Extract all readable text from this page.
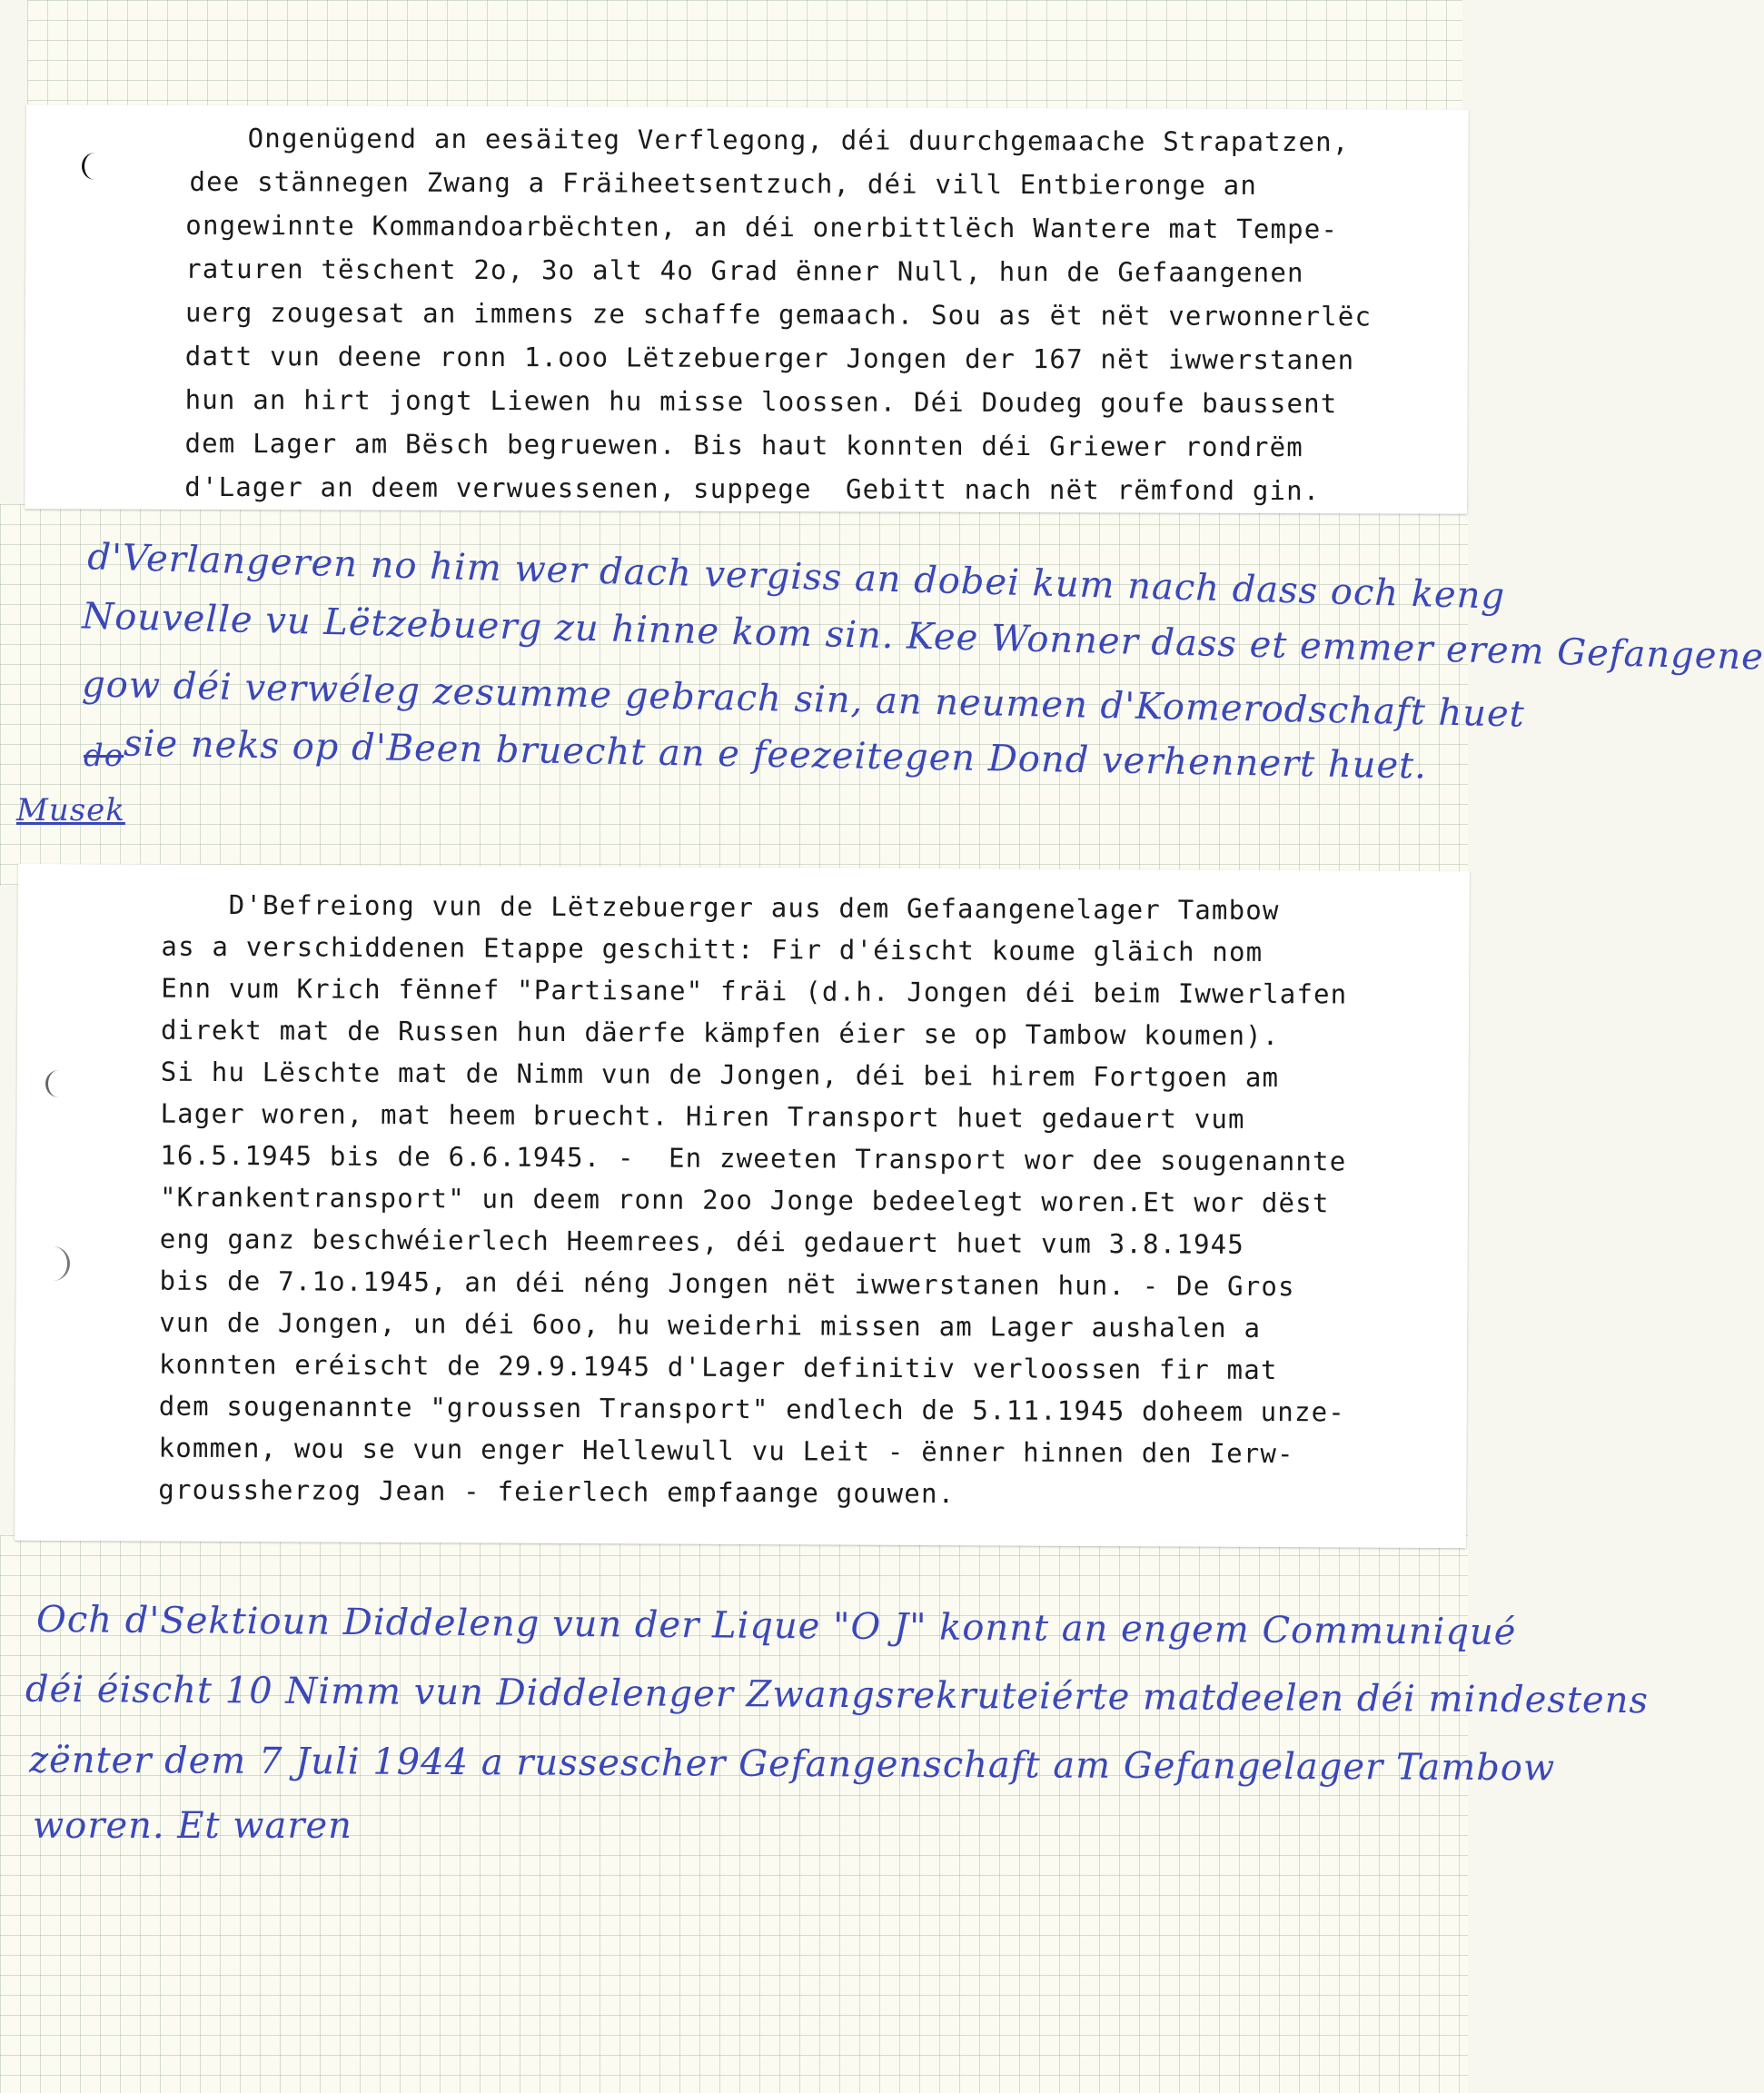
d'Verlangeren no him wer dach vergiss an dobei kum nach dass och keng

Nouvelle vu Lëtzebuerg zu hinne kom sin. Kee Wonner dass et emmer erem Gefangene

gow déi verwéleg zesumme gebrach sin, an neumen d'Komerodschaft huet

do sie neks op d'Been bruecht an e feezeitegen Dond verhennert huet.

Musek

Och d'Sektioun Diddeleng vun der Lique "O J" konnt an engem Communiqué

déi éischt 10 Nimm vun Diddelenger Zwangsrekruteiérte matdeelen déi mindestens

zënter dem 7 Juli 1944 a russescher Gefangenschaft am Gefangelager Tambow

woren. Et waren

Ongenügend an eesäiteg Verflegong, déi duurchgemaache Strapatzen,

dee stännegen Zwang a Fräiheetsentzuch, déi vill Entbieronge an

ongewinnte Kommandoarbëchten, an déi onerbittlëch Wantere mat Tempe-

raturen tëschent 2o, 3o alt 4o Grad ënner Null, hun de Gefaangenen

uerg zougesat an immens ze schaffe gemaach. Sou as ët nët verwonnerlëc

datt vun deene ronn 1.ooo Lëtzebuerger Jongen der 167 nët iwwerstanen

hun an hirt jongt Liewen hu misse loossen. Déi Doudeg goufe baussent

dem Lager am Bësch begruewen. Bis haut konnten déi Griewer rondrëm

d'Lager an deem verwuessenen, suppege  Gebitt nach nët rëmfond gin.

D'Befreiong vun de Lëtzebuerger aus dem Gefaangenelager Tambow

as a verschiddenen Etappe geschitt: Fir d'éischt koume gläich nom

Enn vum Krich fënnef "Partisane" fräi (d.h. Jongen déi beim Iwwerlafen

direkt mat de Russen hun däerfe kämpfen éier se op Tambow koumen).

Si hu Lëschte mat de Nimm vun de Jongen, déi bei hirem Fortgoen am

Lager woren, mat heem bruecht. Hiren Transport huet gedauert vum

16.5.1945 bis de 6.6.1945. -  En zweeten Transport wor dee sougenannte

"Krankentransport" un deem ronn 2oo Jonge bedeelegt woren.Et wor dëst

eng ganz beschwéierlech Heemrees, déi gedauert huet vum 3.8.1945

bis de 7.1o.1945, an déi néng Jongen nët iwwerstanen hun. - De Gros

vun de Jongen, un déi 6oo, hu weiderhi missen am Lager aushalen a

konnten eréischt de 29.9.1945 d'Lager definitiv verloossen fir mat

dem sougenannte "groussen Transport" endlech de 5.11.1945 doheem unze-

kommen, wou se vun enger Hellewull vu Leit - ënner hinnen den Ierw-

groussherzog Jean - feierlech empfaange gouwen.
